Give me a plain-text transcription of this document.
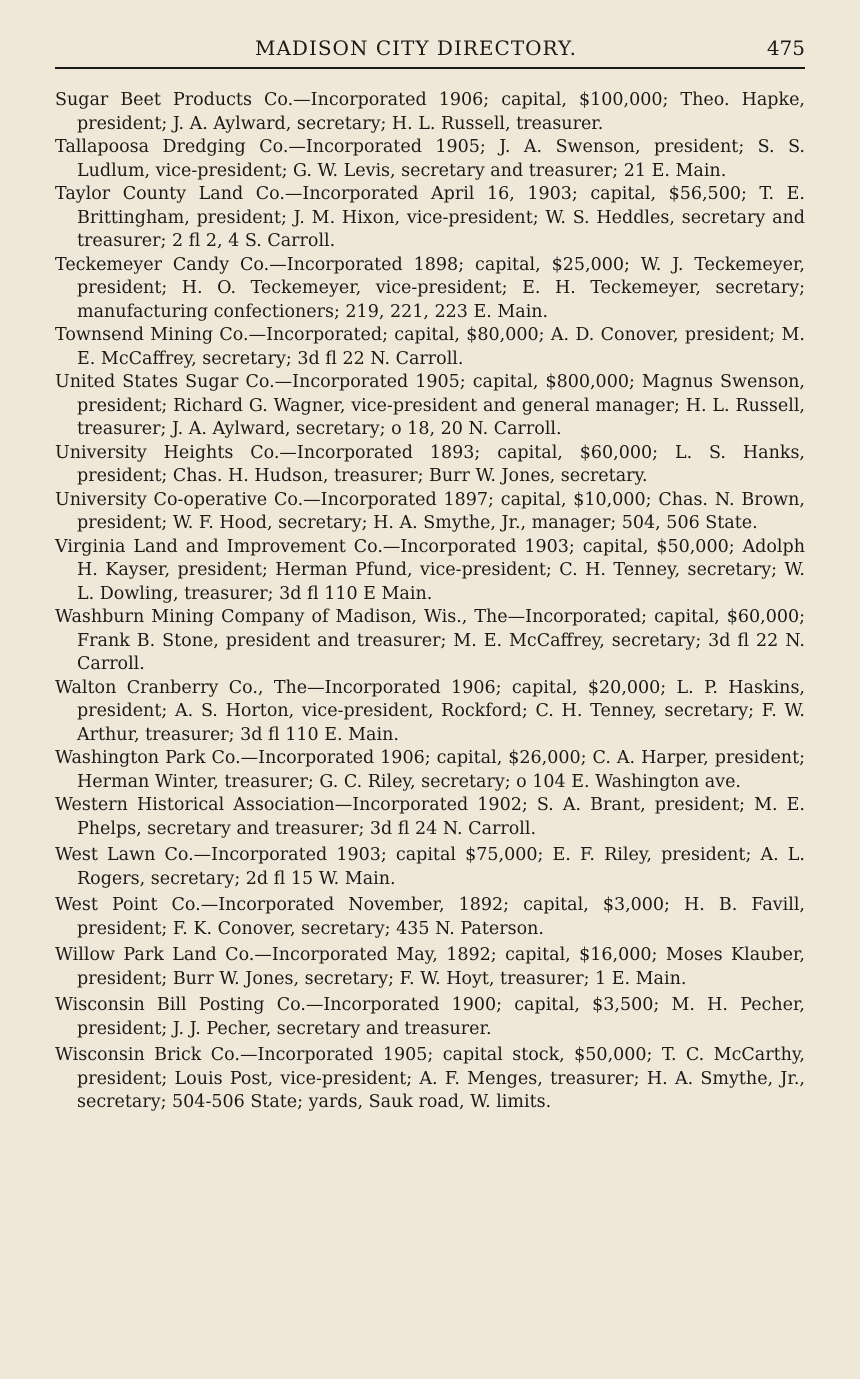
MADISON CITY DIRECTORY.	475

Sugar Beet Products Co.—Incorporated 1906; capital, $100,000; Theo. Hapke, president; J. A. Aylward, secretary; H. L. Russell, treasurer.

Tallapoosa Dredging Co.—Incorporated 1905; J. A. Swenson, president; S. S. Ludlum, vice-president; G. W. Levis, secretary and treasurer; 21 E. Main.

Taylor County Land Co.—Incorporated April 16, 1903; capital, $56,500; T. E. Brittingham, president; J. M. Hixon, vice-president; W. S. Heddles, secretary and treasurer; 2 fl 2, 4 S. Carroll.

Teckemeyer Candy Co.—Incorporated 1898; capital, $25,000; W. J. Teckemeyer, president; H. O. Teckemeyer, vice-president; E. H. Teckemeyer, secretary; manufacturing confectioners; 219, 221, 223 E. Main.

Townsend Mining Co.—Incorporated; capital, $80,000; A. D. Conover, president; M. E. McCaffrey, secretary; 3d fl 22 N. Carroll.

United States Sugar Co.—Incorporated 1905; capital, $800,000; Magnus Swenson, president; Richard G. Wagner, vice-president and general manager; H. L. Russell, treasurer; J. A. Aylward, secretary; o 18, 20 N. Carroll.

University Heights Co.—Incorporated 1893; capital, $60,000; L. S. Hanks, president; Chas. H. Hudson, treasurer; Burr W. Jones, secretary.

University Co-operative Co.—Incorporated 1897; capital, $10,000; Chas. N. Brown, president; W. F. Hood, secretary; H. A. Smythe, Jr., manager; 504, 506 State.

Virginia Land and Improvement Co.—Incorporated 1903; capital, $50,000; Adolph H. Kayser, president; Herman Pfund, vice-president; C. H. Tenney, secretary; W. L. Dowling, treasurer; 3d fl 110 E Main.

Washburn Mining Company of Madison, Wis., The—Incorporated; capital, $60,000; Frank B. Stone, president and treasurer; M. E. McCaffrey, secretary; 3d fl 22 N. Carroll.

Walton Cranberry Co., The—Incorporated 1906; capital, $20,000; L. P. Haskins, president; A. S. Horton, vice-president, Rockford; C. H. Tenney, secretary; F. W. Arthur, treasurer; 3d fl 110 E. Main.

Washington Park Co.—Incorporated 1906; capital, $26,000; C. A. Harper, president; Herman Winter, treasurer; G. C. Riley, secretary; o 104 E. Washington ave.

Western Historical Association—Incorporated 1902; S. A. Brant, president; M. E. Phelps, secretary and treasurer; 3d fl 24 N. Carroll.

West Lawn Co.—Incorporated 1903; capital $75,000; E. F. Riley, president; A. L. Rogers, secretary; 2d fl 15 W. Main.

West Point Co.—Incorporated November, 1892; capital, $3,000; H. B. Favill, president; F. K. Conover, secretary; 435 N. Paterson.

Willow Park Land Co.—Incorporated May, 1892; capital, $16,000; Moses Klauber, president; Burr W. Jones, secretary; F. W. Hoyt, treasurer; 1 E. Main.

Wisconsin Bill Posting Co.—Incorporated 1900; capital, $3,500; M. H. Pecher, president; J. J. Pecher, secretary and treasurer.

Wisconsin Brick Co.—Incorporated 1905; capital stock, $50,000; T. C. McCarthy, president; Louis Post, vice-president; A. F. Menges, treasurer; H. A. Smythe, Jr., secretary; 504-506 State; yards, Sauk road, W. limits.
